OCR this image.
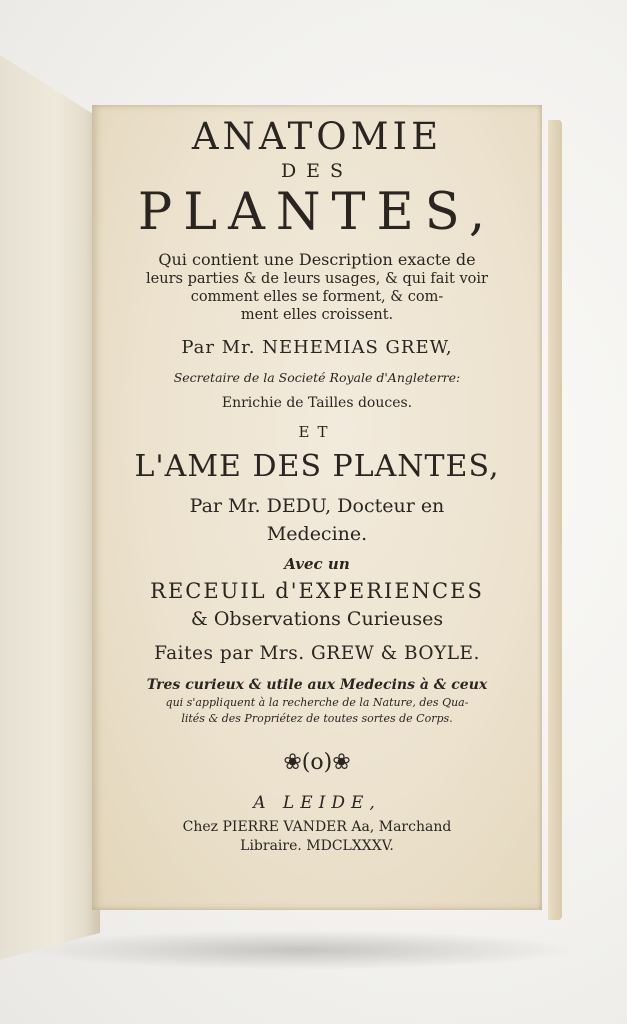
ANATOMIE
DES
PLANTES,
Qui contient une Description exacte de
leurs parties & de leurs usages, & qui fait voir
comment elles se forment, & com-
ment elles croissent.
Par Mr. NEHEMIAS GREW,
Secretaire de la Societé Royale d'Angleterre:
Enrichie de Tailles douces.
ET
L'AME DES PLANTES,
Par Mr. DEDU, Docteur en
Medecine.
Avec un
RECEUIL d'EXPERIENCES
& Observations Curieuses
Faites par Mrs. GREW & BOYLE.
Tres curieux & utile aux Medecins à & ceux
qui s'appliquent à la recherche de la Nature, des Qua-
lités & des Propriétez de toutes sortes de Corps.
❀(o)❀
A LEIDE,
Chez PIERRE VANDER Aa, Marchand
Libraire. MDCLXXXV.
